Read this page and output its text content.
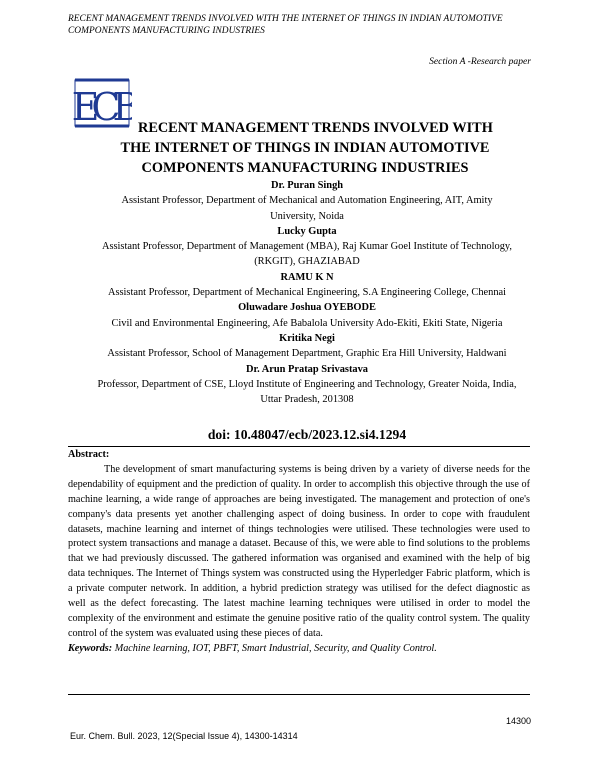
RECENT MANAGEMENT TRENDS INVOLVED WITH THE INTERNET OF THINGS IN INDIAN AUTOMOTIVE COMPONENTS MANUFACTURING INDUSTRIES
Section A -Research paper
ECB RECENT MANAGEMENT TRENDS INVOLVED WITH
THE INTERNET OF THINGS IN INDIAN AUTOMOTIVE
COMPONENTS MANUFACTURING INDUSTRIES
Dr. Puran Singh
Assistant Professor, Department of Mechanical and Automation Engineering, AIT, Amity University, Noida
Lucky Gupta
Assistant Professor, Department of Management (MBA), Raj Kumar Goel Institute of Technology, (RKGIT), GHAZIABAD
RAMU K N
Assistant Professor, Department of Mechanical Engineering, S.A Engineering College, Chennai
Oluwadare Joshua OYEBODE
Civil and Environmental Engineering, Afe Babalola University Ado-Ekiti, Ekiti State, Nigeria
Kritika Negi
Assistant Professor, School of Management Department, Graphic Era Hill University, Haldwani
Dr. Arun Pratap Srivastava
Professor, Department of CSE, Lloyd Institute of Engineering and Technology, Greater Noida, India, Uttar Pradesh, 201308
doi: 10.48047/ecb/2023.12.si4.1294
Abstract:

The development of smart manufacturing systems is being driven by a variety of diverse needs for the dependability of equipment and the prediction of quality. In order to accomplish this objective through the use of machine learning, a wide range of approaches are being investigated. The management and protection of one's company's data presents yet another challenging aspect of doing business. In order to cope with fraudulent datasets, machine learning and internet of things technologies were utilised. These technologies were used to protect system transactions and manage a dataset. Because of this, we were able to find solutions to the problems that we had previously discussed. The gathered information was organised and examined with the help of big data techniques. The Internet of Things system was constructed using the Hyperledger Fabric platform, which is a private computer network. In addition, a hybrid prediction strategy was utilised for the defect diagnostic as well as the defect forecasting. The latest machine learning techniques were utilised in order to model the complexity of the environment and estimate the genuine positive ratio of the quality control system. The quality control of the system was evaluated using these pieces of data.

Keywords: Machine learning, IOT, PBFT, Smart Industrial, Security, and Quality Control.

14300
Eur. Chem. Bull. 2023, 12(Special Issue 4), 14300-14314
